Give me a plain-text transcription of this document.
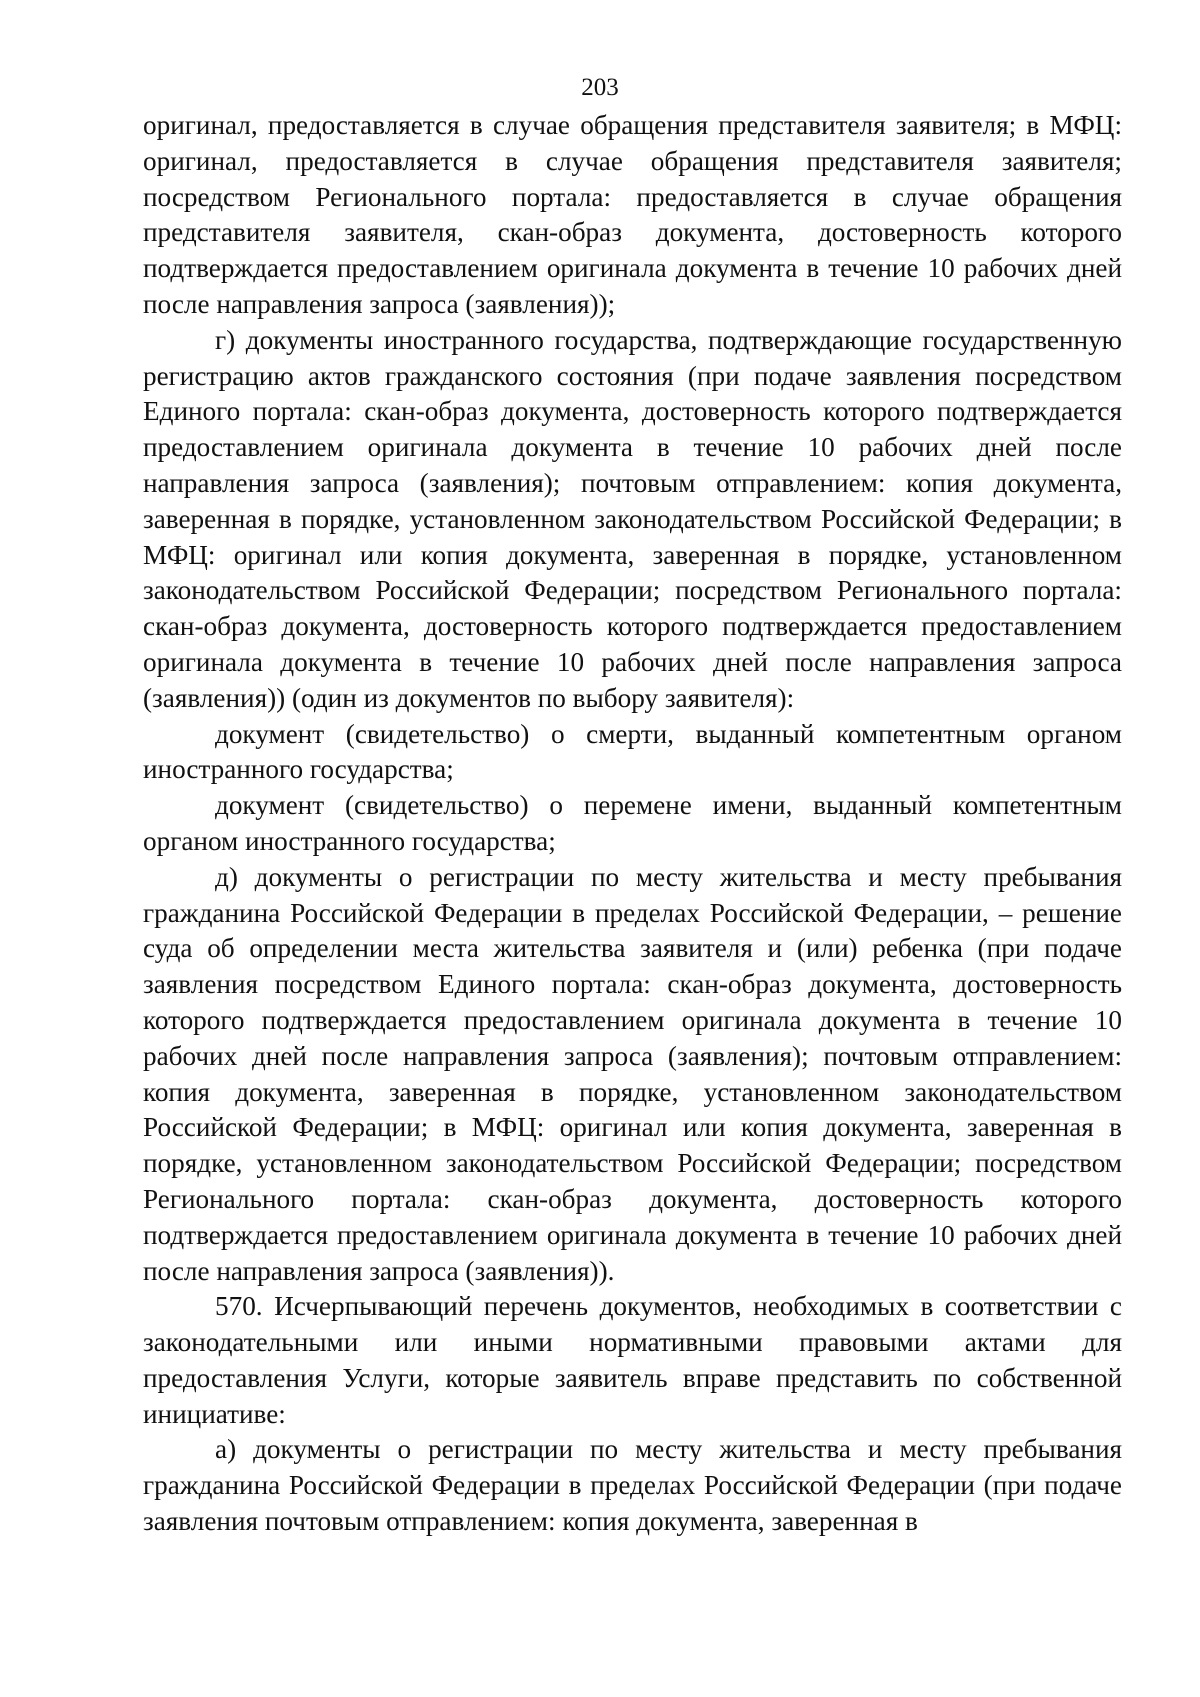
203

оригинал, предоставляется в случае обращения представителя заявителя; в МФЦ: оригинал, предоставляется в случае обращения представителя заявителя; посредством Регионального портала: предоставляется в случае обращения представителя заявителя, скан-образ документа, достоверность которого подтверждается предоставлением оригинала документа в течение 10 рабочих дней после направления запроса (заявления));

г) документы иностранного государства, подтверждающие государственную регистрацию актов гражданского состояния (при подаче заявления посредством Единого портала: скан-образ документа, достоверность которого подтверждается предоставлением оригинала документа в течение 10 рабочих дней после направления запроса (заявления); почтовым отправлением: копия документа, заверенная в порядке, установленном законодательством Российской Федерации; в МФЦ: оригинал или копия документа, заверенная в порядке, установленном законодательством Российской Федерации; посредством Регионального портала: скан-образ документа, достоверность которого подтверждается предоставлением оригинала документа в течение 10 рабочих дней после направления запроса (заявления)) (один из документов по выбору заявителя):

документ (свидетельство) о смерти, выданный компетентным органом иностранного государства;

документ (свидетельство) о перемене имени, выданный компетентным органом иностранного государства;

д) документы о регистрации по месту жительства и месту пребывания гражданина Российской Федерации в пределах Российской Федерации, – решение суда об определении места жительства заявителя и (или) ребенка (при подаче заявления посредством Единого портала: скан-образ документа, достоверность которого подтверждается предоставлением оригинала документа в течение 10 рабочих дней после направления запроса (заявления); почтовым отправлением: копия документа, заверенная в порядке, установленном законодательством Российской Федерации; в МФЦ: оригинал или копия документа, заверенная в порядке, установленном законодательством Российской Федерации; посредством Регионального портала: скан-образ документа, достоверность которого подтверждается предоставлением оригинала документа в течение 10 рабочих дней после направления запроса (заявления)).

570. Исчерпывающий перечень документов, необходимых в соответствии с законодательными или иными нормативными правовыми актами для предоставления Услуги, которые заявитель вправе представить по собственной инициативе:

а) документы о регистрации по месту жительства и месту пребывания гражданина Российской Федерации в пределах Российской Федерации (при подаче заявления почтовым отправлением: копия документа, заверенная в
